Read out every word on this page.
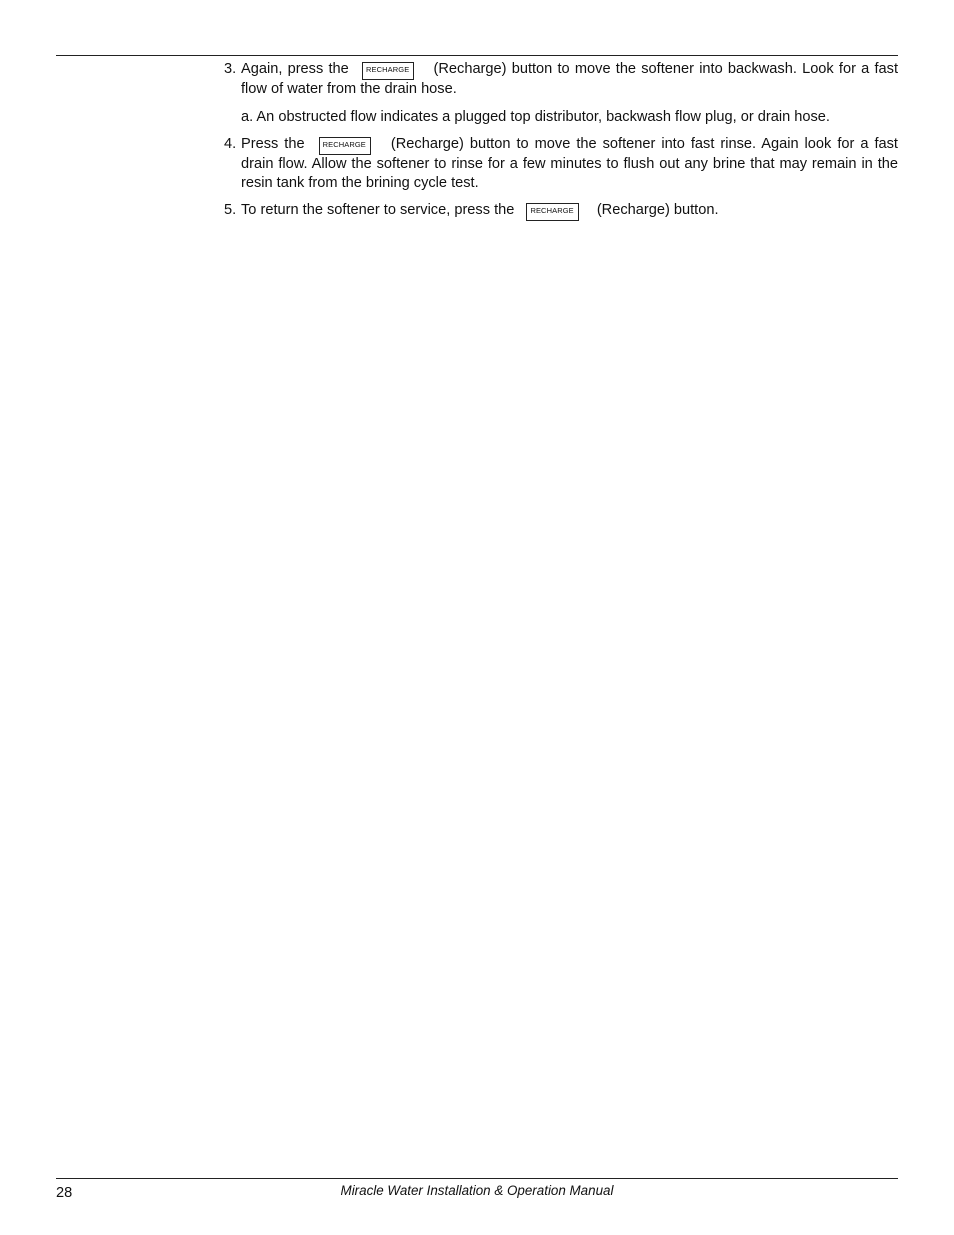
3. Again, press the RECHARGE (Recharge) button to move the softener into backwash. Look for a fast flow of water from the drain hose.

a. An obstructed flow indicates a plugged top distributor, backwash flow plug, or drain hose.

4. Press the RECHARGE (Recharge) button to move the softener into fast rinse. Again look for a fast drain flow. Allow the softener to rinse for a few minutes to flush out any brine that may remain in the resin tank from the brining cycle test.

5. To return the softener to service, press the RECHARGE (Recharge) button.

28	Miracle Water Installation & Operation Manual
